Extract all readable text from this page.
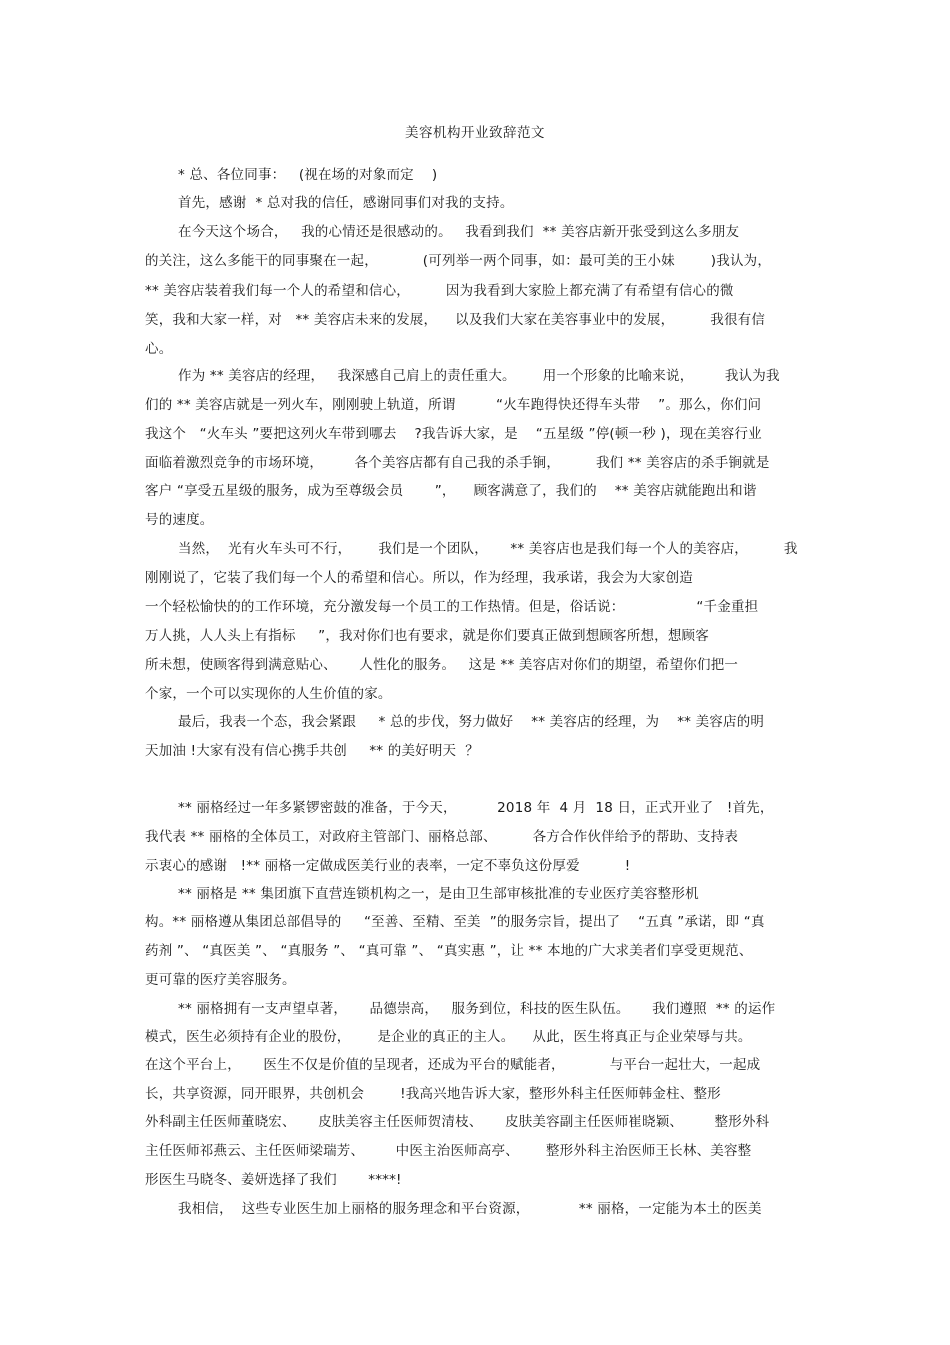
美容机构开业致辞范文
* 总、各位同事：   (视在场的对象而定    )
首先，感谢  * 总对我的信任，感谢同事们对我的支持。
在今天这个场合，   我的心情还是很感动的。   我看到我们  ** 美容店新开张受到这么多朋友
的关注，这么多能干的同事聚在一起，          (可列举一两个同事，如：最可美的王小妹        )我认为，
** 美容店装着我们每一个人的希望和信心，        因为我看到大家脸上都充满了有希望有信心的微
笑，我和大家一样，对   ** 美容店未来的发展，    以及我们大家在美容事业中的发展，        我很有信
心。
作为 ** 美容店的经理，   我深感自己肩上的责任重大。      用一个形象的比喻来说，       我认为我
们的 ** 美容店就是一列火车，刚刚驶上轨道，所谓         “火车跑得快还得车头带    ”。那么，你们问
我这个   “火车头 ”要把这列火车带到哪去    ?我告诉大家，是    “五星级 ”停(顿一秒 )，现在美容行业
面临着激烈竞争的市场环境，       各个美容店都有自己我的杀手锏，        我们 ** 美容店的杀手锏就是
客户 “享受五星级的服务，成为至尊级会员       ”，    顾客满意了，我们的    ** 美容店就能跑出和谐
号的速度。
当然，  光有火车头可不行，      我们是一个团队，     ** 美容店也是我们每一个人的美容店，        我
刚刚说了，它装了我们每一个人的希望和信心。所以，作为经理，我承诺，我会为大家创造
一个轻松愉快的的工作环境，充分激发每一个员工的工作热情。但是，俗话说：                “千金重担
万人挑，人人头上有指标     ”，我对你们也有要求，就是你们要真正做到想顾客所想，想顾客
所未想，使顾客得到满意贴心、     人性化的服务。   这是 ** 美容店对你们的期望，希望你们把一
个家，一个可以实现你的人生价值的家。
最后，我表一个态，我会紧跟     * 总的步伐，努力做好    ** 美容店的经理，为    ** 美容店的明
天加油 !大家有没有信心携手共创     ** 的美好明天  ？
** 丽格经过一年多紧锣密鼓的准备，于今天，         2018 年  4 月  18 日，正式开业了   !首先，
我代表 ** 丽格的全体员工，对政府主管部门、丽格总部、        各方合作伙伴给予的帮助、支持表
示衷心的感谢   !** 丽格一定做成医美行业的表率，一定不辜负这份厚爱          !
** 丽格是 ** 集团旗下直营连锁机构之一，是由卫生部审核批准的专业医疗美容整形机
构。** 丽格遵从集团总部倡导的     “至善、至精、至美  ”的服务宗旨，提出了    “五真 ”承诺，即 “真
药剂 ”、 “真医美 ”、 “真服务 ”、 “真可靠 ”、 “真实惠 ”，让 ** 本地的广大求美者们享受更规范、
更可靠的医疗美容服务。
** 丽格拥有一支声望卓著，     品德崇高，   服务到位，科技的医生队伍。     我们遵照  ** 的运作
模式，医生必须持有企业的股份，      是企业的真正的主人。    从此，医生将真正与企业荣辱与共。
在这个平台上，     医生不仅是价值的呈现者，还成为平台的赋能者，          与平台一起壮大，一起成
长，共享资源，同开眼界，共创机会        !我高兴地告诉大家，整形外科主任医师韩金柱、整形
外科副主任医师董晓宏、     皮肤美容主任医师贺清枝、     皮肤美容副主任医师崔晓颖、       整形外科
主任医师祁燕云、主任医师梁瑞芳、       中医主治医师高亭、      整形外科主治医师王长林、美容整
形医生马晓冬、姜妍选择了我们       ****!
我相信，  这些专业医生加上丽格的服务理念和平台资源，           ** 丽格，一定能为本土的医美
